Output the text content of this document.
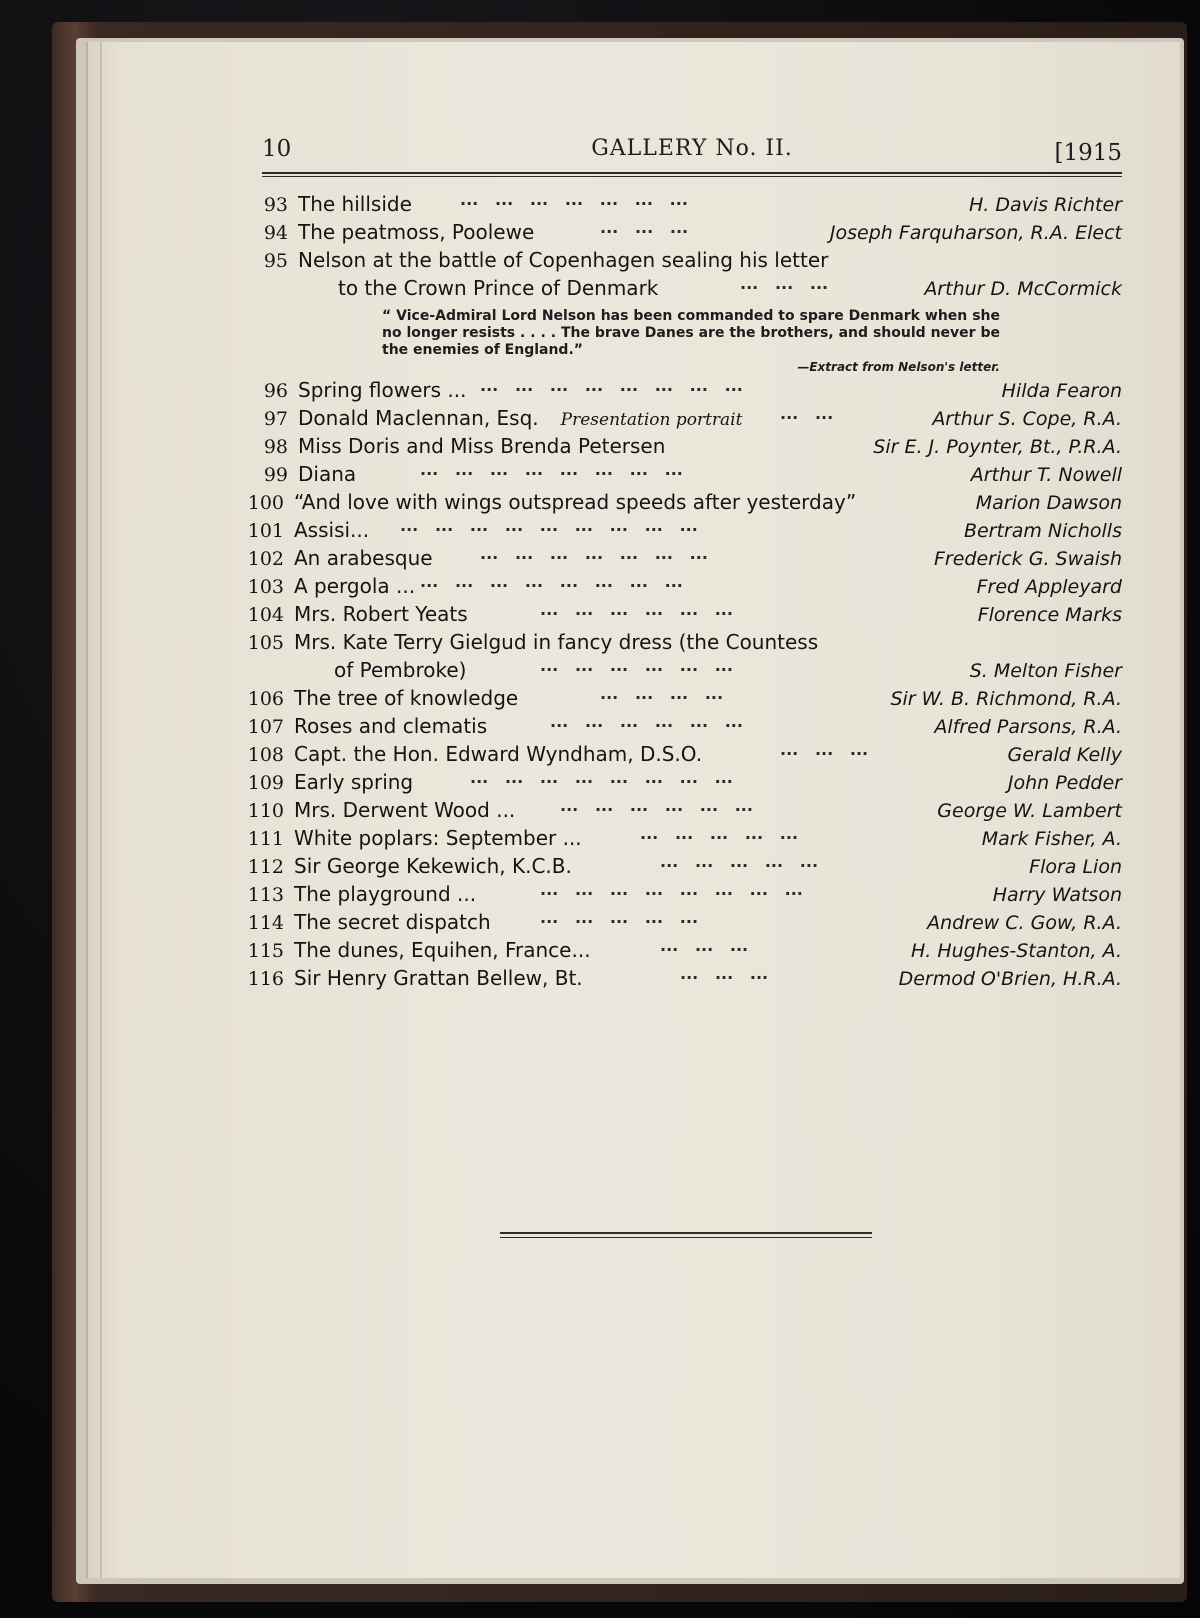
10	GALLERY No. II.	[1915
93 The hillside	...   ...   ...   ...   ...   ...   ...	H. Davis Richter
94 The peatmoss, Poolewe	...   ...   ...	Joseph Farquharson, R.A. Elect
95 Nelson at the battle of Copenhagen sealing his letter
to the Crown Prince of Denmark	...   ...   ...	Arthur D. McCormick
96 Spring flowers ... ...   ...   ...   ...   ...   ...   ...   ...	Hilda Fearon
97 Donald Maclennan, Esq. Presentation portrait ...   ...	Arthur S. Cope, R.A.
98 Miss Doris and Miss Brenda Petersen	Sir E. J. Poynter, Bt., P.R.A.
99 Diana	...   ...   ...   ...   ...   ...   ...   ...	Arthur T. Nowell
100 “And love with wings outspread speeds after yesterday”	Marion Dawson
101 Assisi... ...   ...   ...   ...   ...   ...   ...   ...   ...	Bertram Nicholls
102 An arabesque	...   ...   ...   ...   ...   ...   ...	Frederick G. Swaish
103 A pergola ... ...   ...   ...   ...   ...   ...   ...   ...	Fred Appleyard
104 Mrs. Robert Yeats	...   ...   ...   ...   ...   ...	Florence Marks
105 Mrs. Kate Terry Gielgud in fancy dress (the Countess
of Pembroke)	...   ...   ...   ...   ...   ...	S. Melton Fisher
106 The tree of knowledge	...   ...   ...   ...	Sir W. B. Richmond, R.A.
107 Roses and clematis	...   ...   ...   ...   ...   ...	Alfred Parsons, R.A.
108 Capt. the Hon. Edward Wyndham, D.S.O.	...   ...   ...	Gerald Kelly
109 Early spring	...   ...   ...   ...   ...   ...   ...   ...	John Pedder
110 Mrs. Derwent Wood ...	...   ...   ...   ...   ...   ...	George W. Lambert
111 White poplars: September ...	...   ...   ...   ...   ...	Mark Fisher, A.
112 Sir George Kekewich, K.C.B.	...   ...   ...   ...   ...	Flora Lion
113 The playground ...	...   ...   ...   ...   ...   ...   ...   ...	Harry Watson
114 The secret dispatch	...   ...   ...   ...   ...	Andrew C. Gow, R.A.
115 The dunes, Equihen, France...	...   ...   ...	H. Hughes-Stanton, A.
116 Sir Henry Grattan Bellew, Bt.	...   ...   ...	Dermod O'Brien, H.R.A.
“ Vice-Admiral Lord Nelson has been commanded to spare Denmark when she no longer resists . . . . The brave Danes are the brothers, and should never be the enemies of England.”
—Extract from Nelson's letter.
